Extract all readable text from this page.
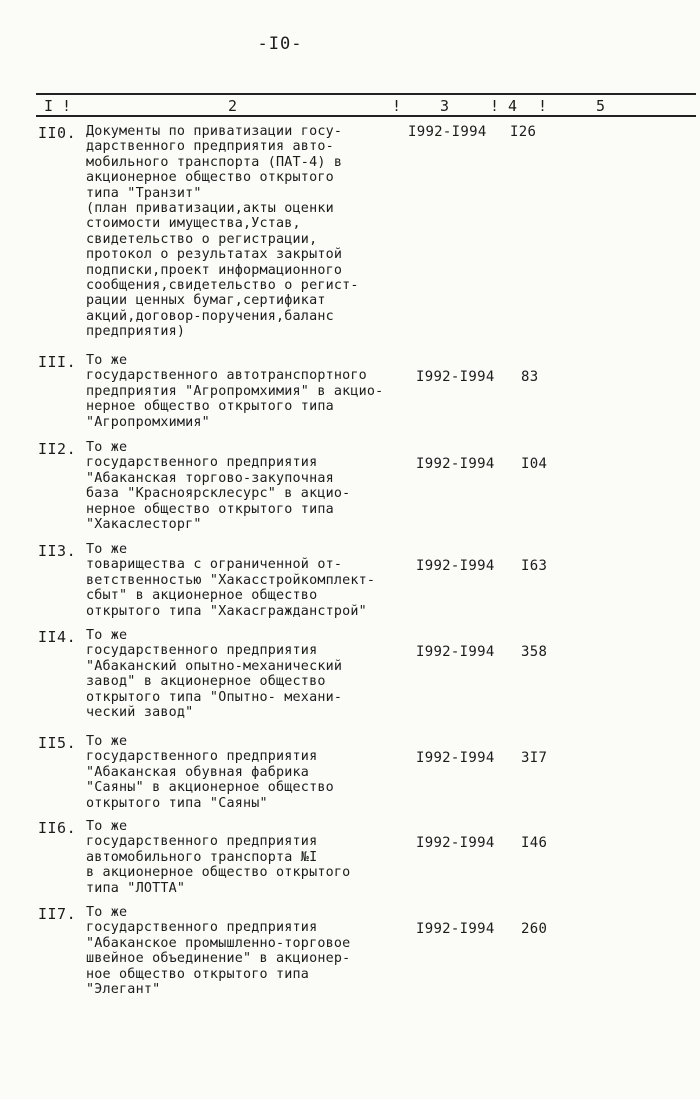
-I0-
I !	2	!	3	! 4 !	5
II0. Документы по приватизации госу-
дарственного предприятия авто-
мобильного транспорта (ПАТ-4) в
акционерное общество открытого
типа "Транзит"
(план приватизации,акты оценки
стоимости имущества,Устав,
свидетельство о регистрации,
протокол о результатах закрытой
подписки,проект информационного
сообщения,свидетельство о регист-
рации ценных бумаг,сертификат
акций,договор-поручения,баланс
предприятия)
I992-I994 I26
III. То же
государственного автотранспортного
предприятия "Агропромхимия" в акцио-
нерное общество открытого типа
"Агропромхимия"
I992-I994 83
II2. То же
государственного предприятия
"Абаканская торгово-закупочная
база "Красноярсклесурс" в акцио-
нерное общество открытого типа
"Хакаслесторг"
I992-I994 I04
II3. То же
товарищества с ограниченной от-
ветственностью "Хакасстройкомплект-
сбыт" в акционерное общество
открытого типа "Хакасгражданстрой"
I992-I994 I63
II4. То же
государственного предприятия
"Абаканский опытно-механический
завод" в акционерное общество
открытого типа "Опытно- механи-
ческий завод"
I992-I994 358
II5. То же
государственного предприятия
"Абаканская обувная фабрика
"Саяны" в акционерное общество
открытого типа "Саяны"
I992-I994 3I7
II6. То же
государственного предприятия
автомобильного транспорта №I
в акционерное общество открытого
типа "ЛОТТА"
I992-I994 I46
II7. То же
государственного предприятия
"Абаканское промышленно-торговое
швейное объединение" в акционер-
ное общество открытого типа
"Элегант"
I992-I994 260
